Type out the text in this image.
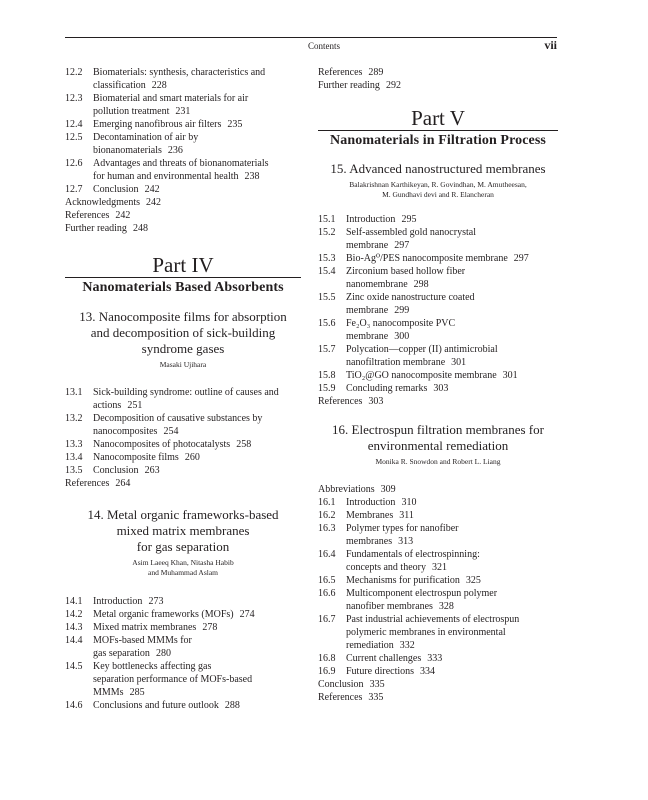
Contents	vii
12.2 Biomaterials: synthesis, characteristics and
classification 228
12.3 Biomaterial and smart materials for air
pollution treatment 231
12.4 Emerging nanofibrous air filters 235
12.5 Decontamination of air by
bionanomaterials 236
12.6 Advantages and threats of bionanomaterials
for human and environmental health 238
12.7 Conclusion 242
Acknowledgments 242
References 242
Further reading 248
Part IV
Nanomaterials Based Absorbents
13. Nanocomposite films for absorption
and decomposition of sick-building
syndrome gases
Masaki Ujihara
13.1 Sick-building syndrome: outline of causes and
actions 251
13.2 Decomposition of causative substances by
nanocomposites 254
13.3 Nanocomposites of photocatalysts 258
13.4 Nanocomposite films 260
13.5 Conclusion 263
References 264
14. Metal organic frameworks-based
mixed matrix membranes
for gas separation
Asim Laeeq Khan, Nitasha Habib
and Muhammad Aslam
14.1 Introduction 273
14.2 Metal organic frameworks (MOFs) 274
14.3 Mixed matrix membranes 278
14.4 MOFs-based MMMs for
gas separation 280
14.5 Key bottlenecks affecting gas
separation performance of MOFs-based
MMMs 285
14.6 Conclusions and future outlook 288
References 289
Further reading 292
Part V
Nanomaterials in Filtration Process
15. Advanced nanostructured membranes
Balakrishnan Karthikeyan, R. Govindhan, M. Amutheesan,
M. Gundhavi devi and R. Elancheran
15.1 Introduction 295
15.2 Self-assembled gold nanocrystal
membrane 297
15.3 Bio-Ag⁰/PES nanocomposite membrane 297
15.4 Zirconium based hollow fiber
nanomembrane 298
15.5 Zinc oxide nanostructure coated
membrane 299
15.6 Fe₂O₃ nanocomposite PVC
membrane 300
15.7 Polycation—copper (II) antimicrobial
nanofiltration membrane 301
15.8 TiO₂@GO nanocomposite membrane 301
15.9 Concluding remarks 303
References 303
16. Electrospun filtration membranes for
environmental remediation
Monika R. Snowdon and Robert L. Liang
Abbreviations 309
16.1 Introduction 310
16.2 Membranes 311
16.3 Polymer types for nanofiber
membranes 313
16.4 Fundamentals of electrospinning:
concepts and theory 321
16.5 Mechanisms for purification 325
16.6 Multicomponent electrospun polymer
nanofiber membranes 328
16.7 Past industrial achievements of electrospun
polymeric membranes in environmental
remediation 332
16.8 Current challenges 333
16.9 Future directions 334
Conclusion 335
References 335
